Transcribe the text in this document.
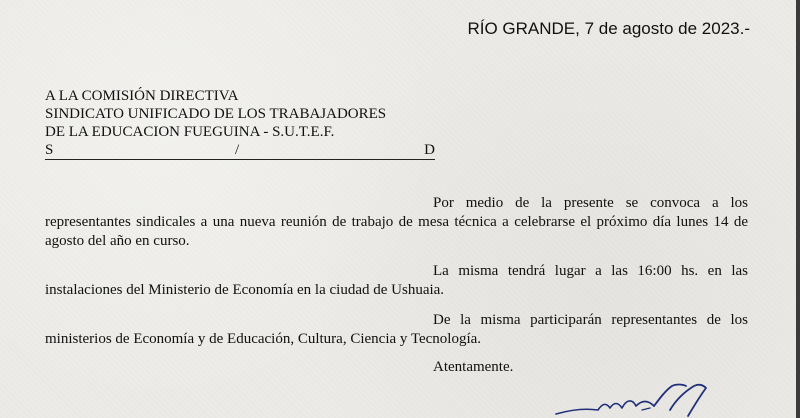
RÍO GRANDE, 7 de agosto de 2023.-
A LA COMISIÓN DIRECTIVA
SINDICATO UNIFICADO DE LOS TRABAJADORES
DE LA EDUCACION FUEGUINA - S.U.T.E.F.
S	/	D
Por medio de la presente se convoca a los representantes sindicales a una nueva reunión de trabajo de mesa técnica a celebrarse el próximo día lunes 14 de agosto del año en curso.
La misma tendrá lugar a las 16:00 hs. en las instalaciones del Ministerio de Economía en la ciudad de Ushuaia.
De la misma participarán representantes de los ministerios de Economía y de Educación, Cultura, Ciencia y Tecnología.
Atentamente.
